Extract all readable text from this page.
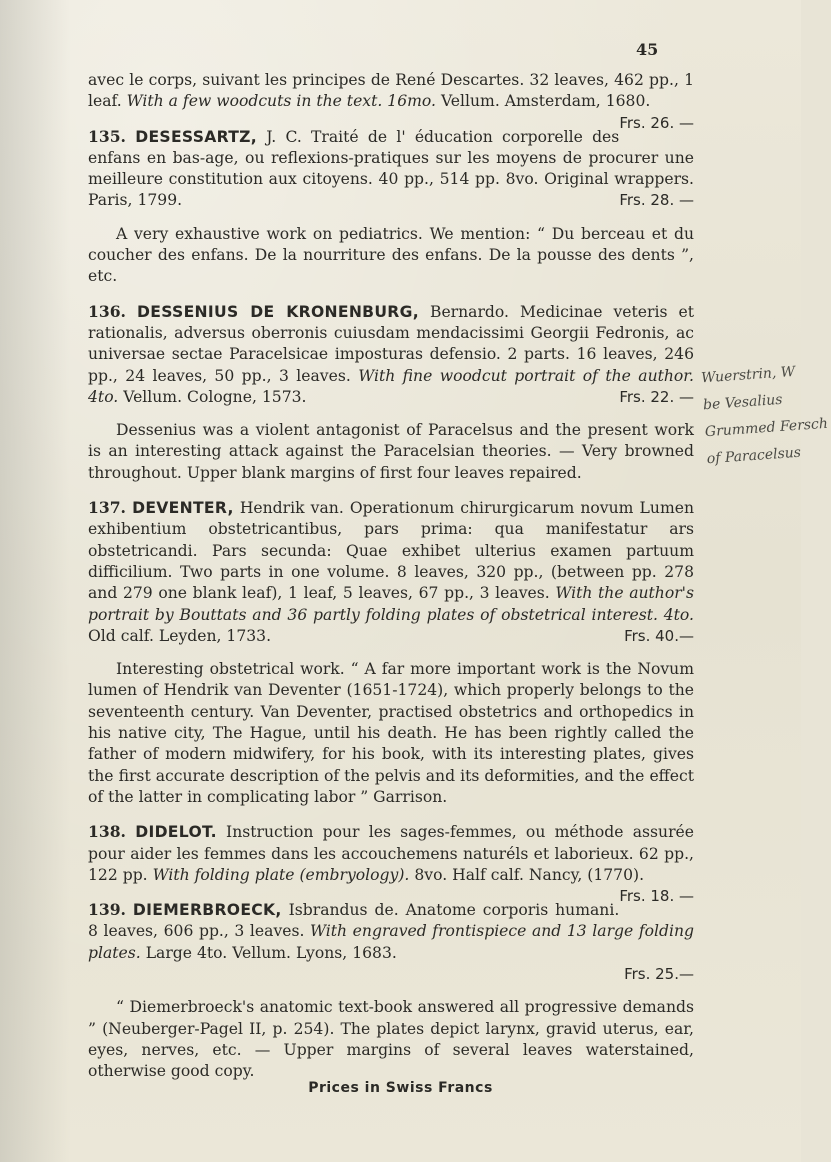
45

avec le corps, suivant les principes de René Descartes. 32 leaves, 462 pp., 1 leaf. With a few woodcuts in the text. 16mo. Vellum. Amsterdam, 1680.
Frs. 26. —

135. DESESSARTZ, J. C. Traité de l' éducation corporelle des enfans en bas-age, ou reflexions-pratiques sur les moyens de procurer une meilleure constitution aux citoyens. 40 pp., 514 pp. 8vo. Original wrappers. Paris, 1799.	Frs. 28. —

A very exhaustive work on pediatrics. We mention: “ Du berceau et du coucher des enfans. De la nourriture des enfans. De la pousse des dents ”, etc.

136. DESSENIUS DE KRONENBURG, Bernardo. Medicinae veteris et rationalis, adversus oberronis cuiusdam mendacissimi Georgii Fedronis, ac universae sectae Paracelsicae imposturas defensio. 2 parts. 16 leaves, 246 pp., 24 leaves, 50 pp., 3 leaves. With fine woodcut portrait of the author. 4to. Vellum. Cologne, 1573.	Frs. 22. —

Dessenius was a violent antagonist of Paracelsus and the present work is an interesting attack against the Paracelsian theories. — Very browned throughout. Upper blank margins of first four leaves repaired.

137. DEVENTER, Hendrik van. Operationum chirurgicarum novum Lumen exhibentium obstetricantibus, pars prima: qua manifestatur ars obstetricandi. Pars secunda: Quae exhibet ulterius examen partuum difficilium. Two parts in one volume. 8 leaves, 320 pp., (between pp. 278 and 279 one blank leaf), 1 leaf, 5 leaves, 67 pp., 3 leaves. With the author's portrait by Bouttats and 36 partly folding plates of obstetrical interest. 4to. Old calf. Leyden, 1733.	Frs. 40.—

Interesting obstetrical work. “ A far more important work is the Novum lumen of Hendrik van Deventer (1651-1724), which properly belongs to the seventeenth century. Van Deventer, practised obstetrics and orthopedics in his native city, The Hague, until his death. He has been rightly called the father of modern midwifery, for his book, with its interesting plates, gives the first accurate description of the pelvis and its deformities, and the effect of the latter in complicating labor ” Garrison.

138. DIDELOT. Instruction pour les sages-femmes, ou méthode assurée pour aider les femmes dans les accouchemens naturéls et laborieux. 62 pp., 122 pp. With folding plate (embryology). 8vo. Half calf. Nancy, (1770).
Frs. 18. —

139. DIEMERBROECK, Isbrandus de. Anatome corporis humani. 8 leaves, 606 pp., 3 leaves. With engraved frontispiece and 13 large folding plates. Large 4to. Vellum. Lyons, 1683.
Frs. 25.—

“ Diemerbroeck's anatomic text-book answered all progressive demands ” (Neuberger-Pagel II, p. 254). The plates depict larynx, gravid uterus, ear, eyes, nerves, etc. — Upper margins of several leaves waterstained, otherwise good copy.

Wuerstrin, W
be Vesalius
Grummed Fersch
of Paracelsus
Prices in Swiss Francs
